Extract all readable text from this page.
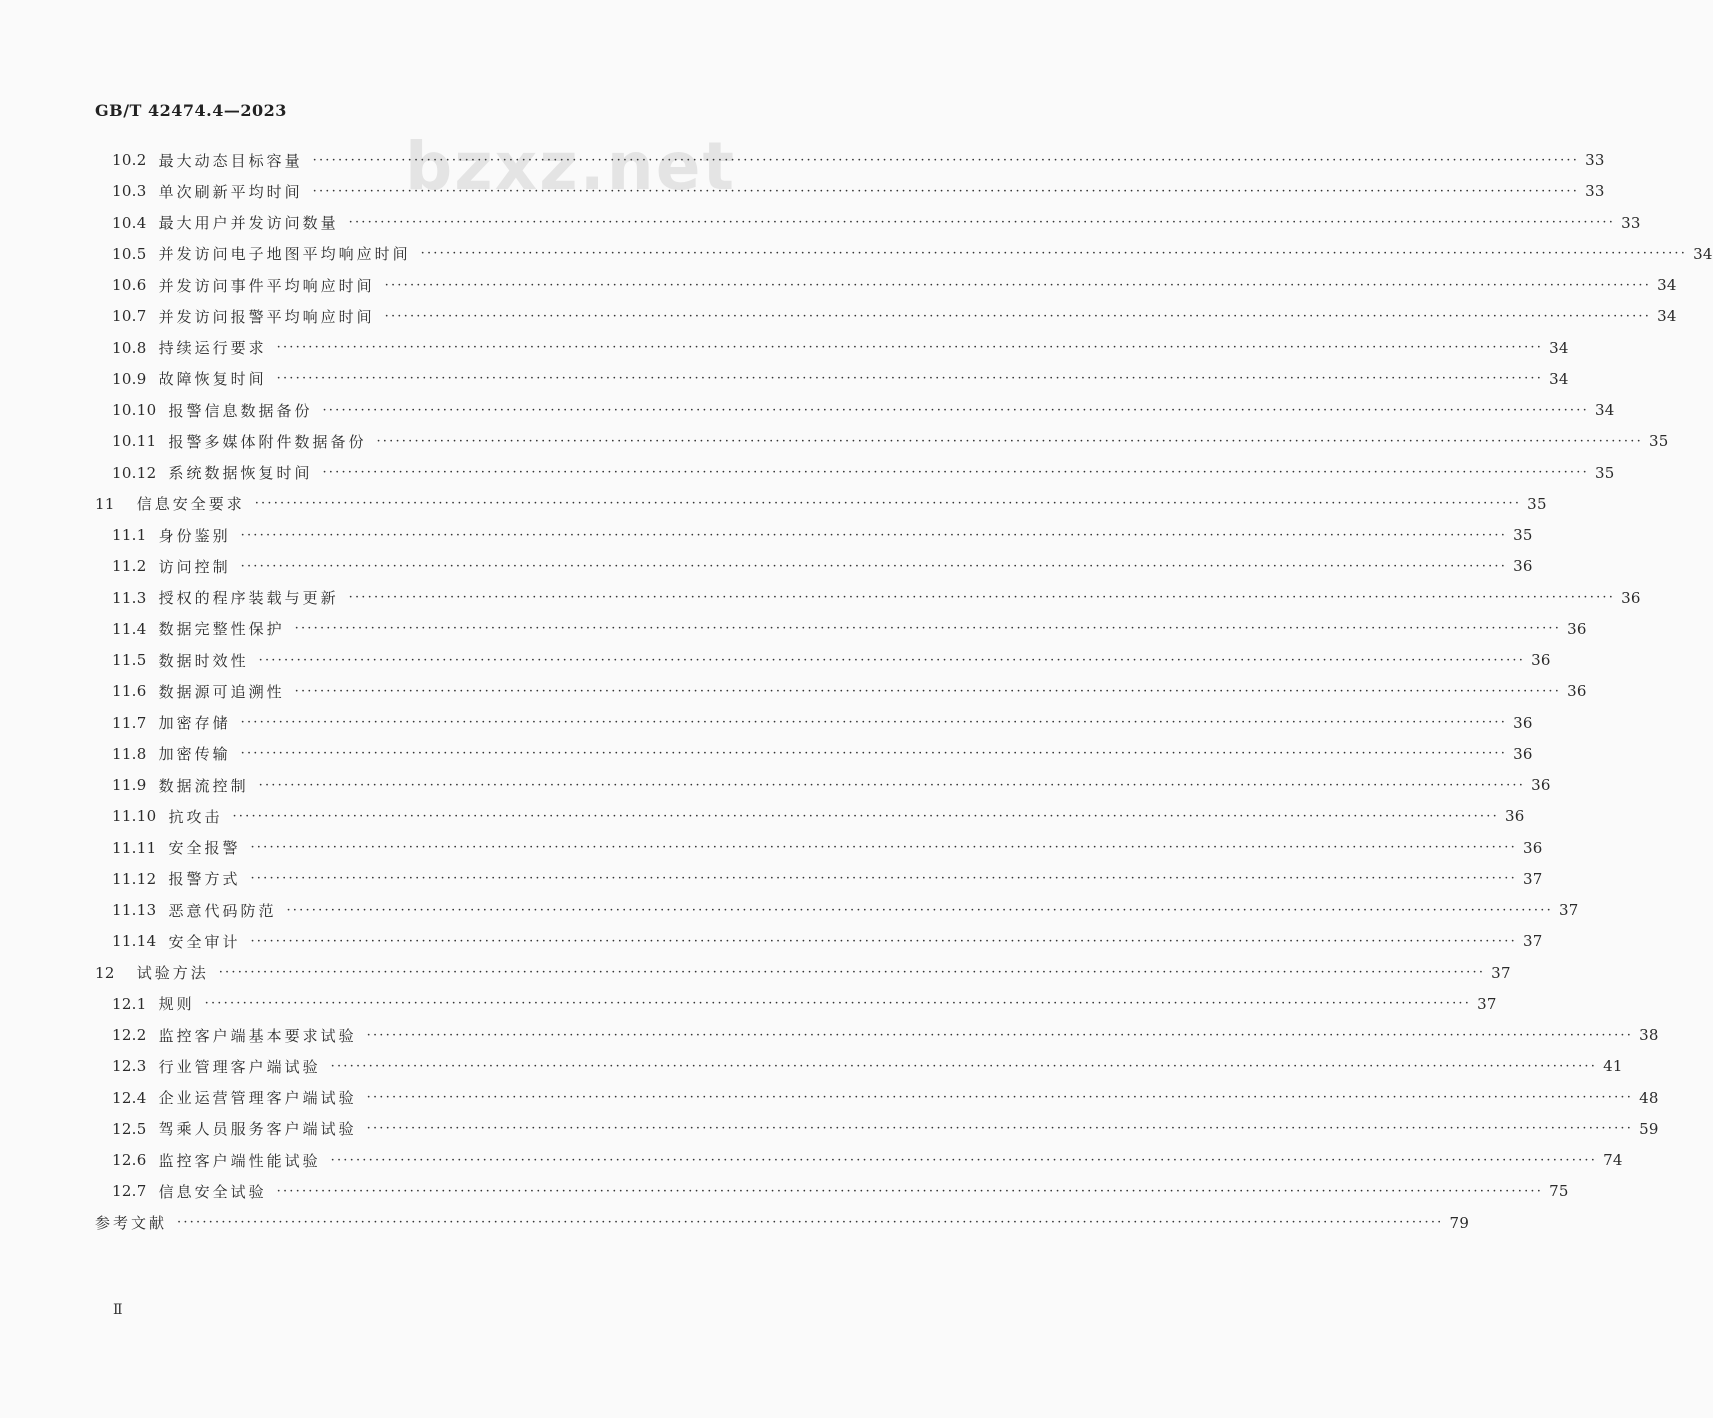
GB/T 42474.4—2023
bzxz.net
10.2 最大动态目标容量 ········································································································································································································ 33
10.3 单次刷新平均时间 ········································································································································································································ 33
10.4 最大用户并发访问数量 ········································································································································································································ 33
10.5 并发访问电子地图平均响应时间 ········································································································································································································ 34
10.6 并发访问事件平均响应时间 ········································································································································································································ 34
10.7 并发访问报警平均响应时间 ········································································································································································································ 34
10.8 持续运行要求 ········································································································································································································ 34
10.9 故障恢复时间 ········································································································································································································ 34
10.10 报警信息数据备份 ········································································································································································································ 34
10.11 报警多媒体附件数据备份 ········································································································································································································ 35
10.12 系统数据恢复时间 ········································································································································································································ 35
11 信息安全要求 ········································································································································································································ 35
11.1 身份鉴别 ········································································································································································································ 35
11.2 访问控制 ········································································································································································································ 36
11.3 授权的程序装载与更新 ········································································································································································································ 36
11.4 数据完整性保护 ········································································································································································································ 36
11.5 数据时效性 ········································································································································································································ 36
11.6 数据源可追溯性 ········································································································································································································ 36
11.7 加密存储 ········································································································································································································ 36
11.8 加密传输 ········································································································································································································ 36
11.9 数据流控制 ········································································································································································································ 36
11.10 抗攻击 ········································································································································································································ 36
11.11 安全报警 ········································································································································································································ 36
11.12 报警方式 ········································································································································································································ 37
11.13 恶意代码防范 ········································································································································································································ 37
11.14 安全审计 ········································································································································································································ 37
12 试验方法 ········································································································································································································ 37
12.1 规则 ········································································································································································································ 37
12.2 监控客户端基本要求试验 ········································································································································································································ 38
12.3 行业管理客户端试验 ········································································································································································································ 41
12.4 企业运营管理客户端试验 ········································································································································································································ 48
12.5 驾乘人员服务客户端试验 ········································································································································································································ 59
12.6 监控客户端性能试验 ········································································································································································································ 74
12.7 信息安全试验 ········································································································································································································ 75
参考文献 ········································································································································································································ 79
Ⅱ
